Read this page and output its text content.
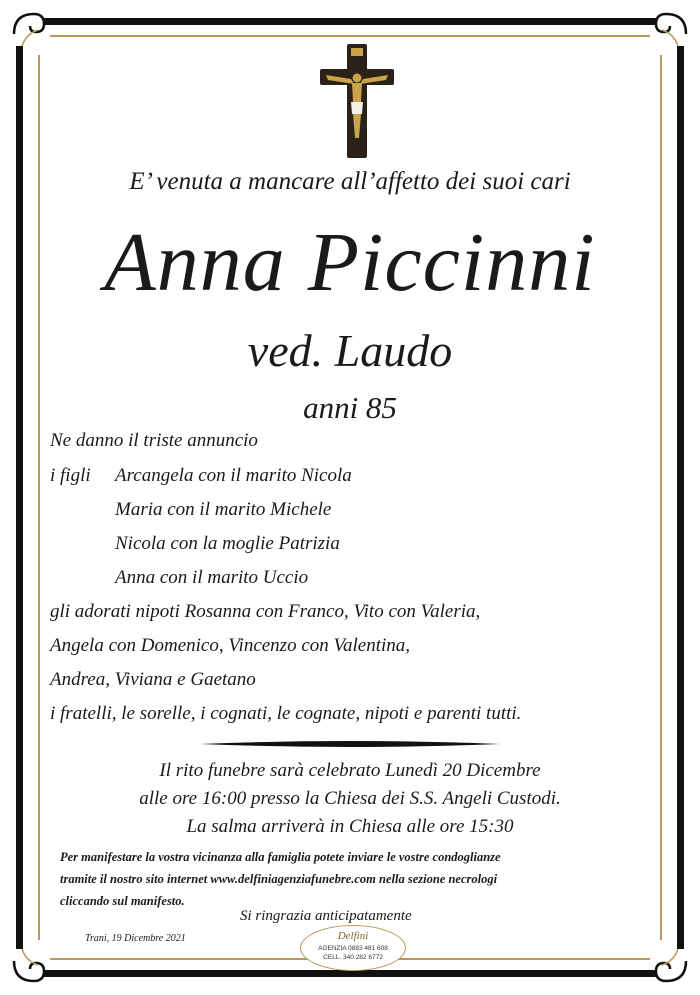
E’ venuta a mancare all’affetto dei suoi cari
Anna Piccinni
ved. Laudo
anni 85
Ne danno il triste annuncio
i figli Arcangela con il marito Nicola
Maria con il marito Michele
Nicola con la moglie Patrizia
Anna con il marito Uccio
gli adorati nipoti Rosanna con Franco, Vito con Valeria,
Angela con Domenico, Vincenzo con Valentina,
Andrea, Viviana e Gaetano
i fratelli, le sorelle, i cognati, le cognate, nipoti e parenti tutti.
Il rito funebre sarà celebrato Lunedì 20 Dicembre
alle ore 16:00 presso la Chiesa dei S.S. Angeli Custodi.
La salma arriverà in Chiesa alle ore 15:30
Per manifestare la vostra vicinanza alla famiglia potete inviare le vostre condoglianze
tramite il nostro sito internet www.delfiniagenziafunebre.com nella sezione necrologi
cliccando sul manifesto.
Si ringrazia anticipatamente
Trani, 19 Dicembre 2021	Delfini
AGENZIA 0883 481 608
CELL. 340 282 6772
